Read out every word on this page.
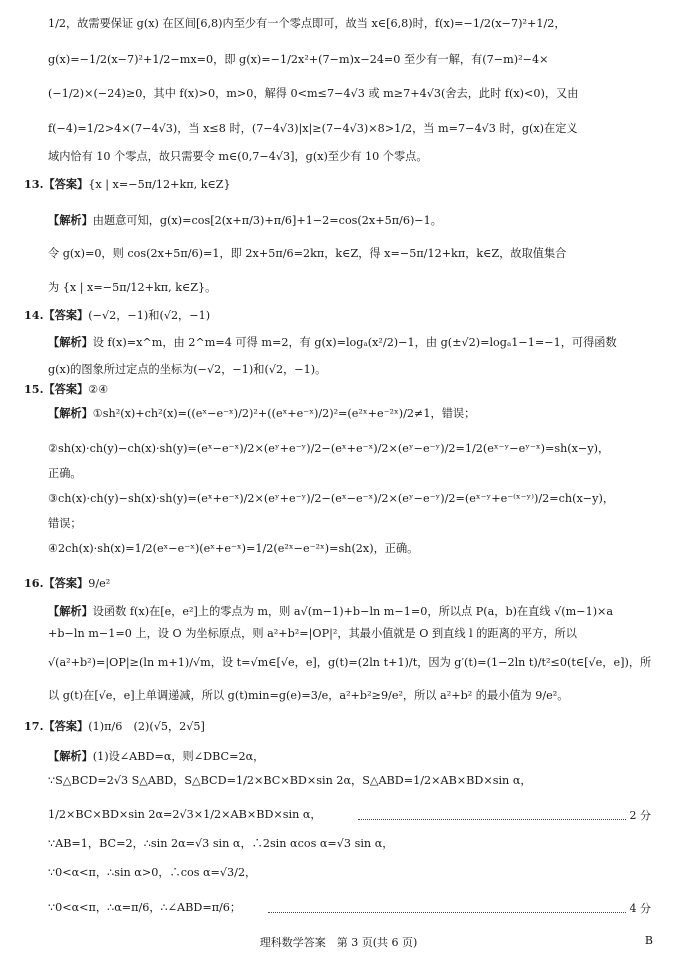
1/2，故需要保证 g(x) 在区间[6,8)内至少有一个零点即可，故当 x∈[6,8)时，f(x)=−1/2(x−7)²+1/2，
g(x)=−1/2(x−7)²+1/2−mx=0，即 g(x)=−1/2x²+(7−m)x−24=0 至少有一解，有(7−m)²−4×
(−1/2)×(−24)≥0，其中 f(x)>0，m>0，解得 0<m≤7−4√3 或 m≥7+4√3(舍去，此时 f(x)<0)，又由
f(−4)=1/2>4×(7−4√3)，当 x≤8 时，(7−4√3)|x|≥(7−4√3)×8>1/2，当 m=7−4√3 时，g(x)在定义
域内恰有 10 个零点，故只需要令 m∈(0,7−4√3]，g(x)至少有 10 个零点。
13.【答案】{x | x=−5π/12+kπ, k∈Z}
【解析】由题意可知，g(x)=cos[2(x+π/3)+π/6]+1−2=cos(2x+5π/6)−1。
令 g(x)=0，则 cos(2x+5π/6)=1，即 2x+5π/6=2kπ，k∈Z，得 x=−5π/12+kπ，k∈Z，故取值集合
为 {x | x=−5π/12+kπ, k∈Z}。
14.【答案】(−√2，−1)和(√2，−1)
【解析】设 f(x)=x^m，由 2^m=4 可得 m=2，有 g(x)=logₐ(x²/2)−1，由 g(±√2)=logₐ1−1=−1，可得函数
g(x)的图象所过定点的坐标为(−√2，−1)和(√2，−1)。
15.【答案】②④
【解析】①sh²(x)+ch²(x)=((eˣ−e⁻ˣ)/2)²+((eˣ+e⁻ˣ)/2)²=(e²ˣ+e⁻²ˣ)/2≠1，错误；
②sh(x)·ch(y)−ch(x)·sh(y)=(eˣ−e⁻ˣ)/2×(eʸ+e⁻ʸ)/2−(eˣ+e⁻ˣ)/2×(eʸ−e⁻ʸ)/2=1/2(eˣ⁻ʸ−eʸ⁻ˣ)=sh(x−y)，
正确。
③ch(x)·ch(y)−sh(x)·sh(y)=(eˣ+e⁻ˣ)/2×(eʸ+e⁻ʸ)/2−(eˣ−e⁻ˣ)/2×(eʸ−e⁻ʸ)/2=(eˣ⁻ʸ+e⁻⁽ˣ⁻ʸ⁾)/2=ch(x−y)，
错误；
④2ch(x)·sh(x)=1/2(eˣ−e⁻ˣ)(eˣ+e⁻ˣ)=1/2(e²ˣ−e⁻²ˣ)=sh(2x)，正确。
16.【答案】9/e²
【解析】设函数 f(x)在[e，e²]上的零点为 m，则 a√(m−1)+b−ln m−1=0，所以点 P(a，b)在直线 √(m−1)×a
+b−ln m−1=0 上，设 O 为坐标原点，则 a²+b²=|OP|²，其最小值就是 O 到直线 l 的距离的平方，所以
√(a²+b²)=|OP|≥(ln m+1)/√m，设 t=√m∈[√e，e]，g(t)=(2ln t+1)/t，因为 g′(t)=(1−2ln t)/t²≤0(t∈[√e，e])，所
以 g(t)在[√e，e]上单调递减，所以 g(t)min=g(e)=3/e，a²+b²≥9/e²，所以 a²+b² 的最小值为 9/e²。
17.【答案】(1)π/6　(2)(√5，2√5]
【解析】(1)设∠ABD=α，则∠DBC=2α，
∵S△BCD=2√3 S△ABD，S△BCD=1/2×BC×BD×sin 2α，S△ABD=1/2×AB×BD×sin α，
1/2×BC×BD×sin 2α=2√3×1/2×AB×BD×sin α，	2 分
∵AB=1，BC=2，∴sin 2α=√3 sin α，∴2sin αcos α=√3 sin α，
∵0<α<π，∴sin α>0，∴cos α=√3/2，
∵0<α<π，∴α=π/6，∴∠ABD=π/6；	4 分
理科数学答案　第 3 页(共 6 页)	B
